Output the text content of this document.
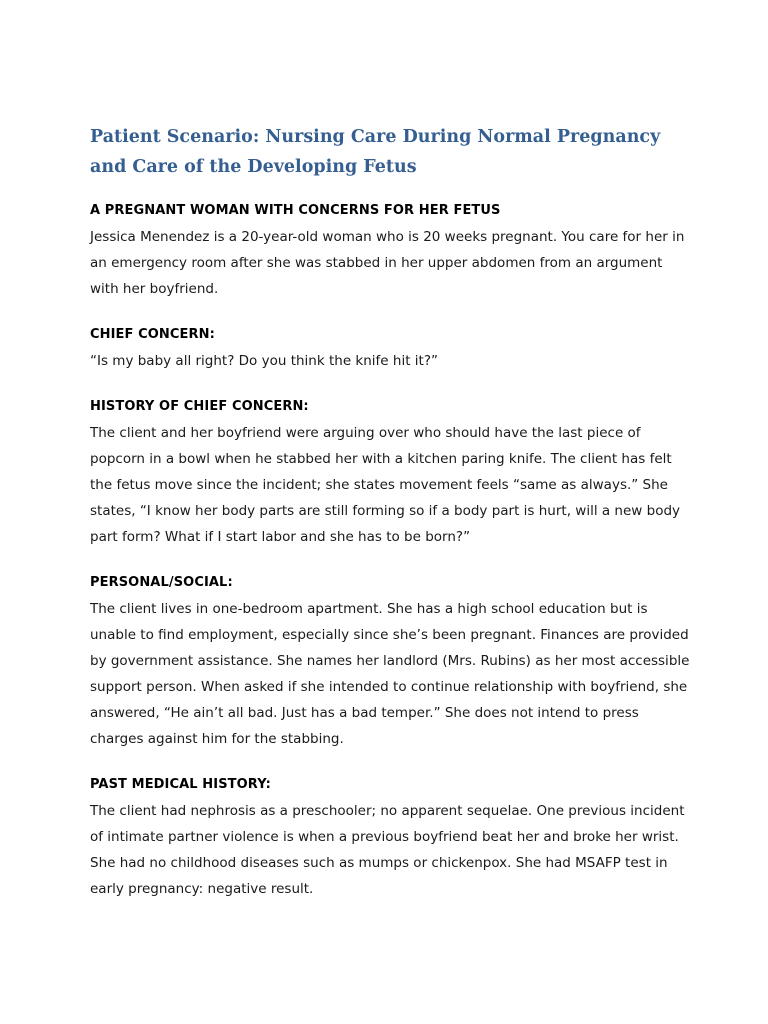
Patient Scenario: Nursing Care During Normal Pregnancy and Care of the Developing Fetus
A PREGNANT WOMAN WITH CONCERNS FOR HER FETUS
Jessica Menendez is a 20-year-old woman who is 20 weeks pregnant. You care for her in an emergency room after she was stabbed in her upper abdomen from an argument with her boyfriend.
CHIEF CONCERN:
“Is my baby all right? Do you think the knife hit it?”
HISTORY OF CHIEF CONCERN:
The client and her boyfriend were arguing over who should have the last piece of popcorn in a bowl when he stabbed her with a kitchen paring knife. The client has felt the fetus move since the incident; she states movement feels “same as always.” She states, “I know her body parts are still forming so if a body part is hurt, will a new body part form? What if I start labor and she has to be born?”
PERSONAL/SOCIAL:
The client lives in one-bedroom apartment. She has a high school education but is unable to find employment, especially since she’s been pregnant. Finances are provided by government assistance. She names her landlord (Mrs. Rubins) as her most accessible support person. When asked if she intended to continue relationship with boyfriend, she answered, “He ain’t all bad. Just has a bad temper.” She does not intend to press charges against him for the stabbing.
PAST MEDICAL HISTORY:
The client had nephrosis as a preschooler; no apparent sequelae. One previous incident of intimate partner violence is when a previous boyfriend beat her and broke her wrist. She had no childhood diseases such as mumps or chickenpox. She had MSAFP test in early pregnancy: negative result.
